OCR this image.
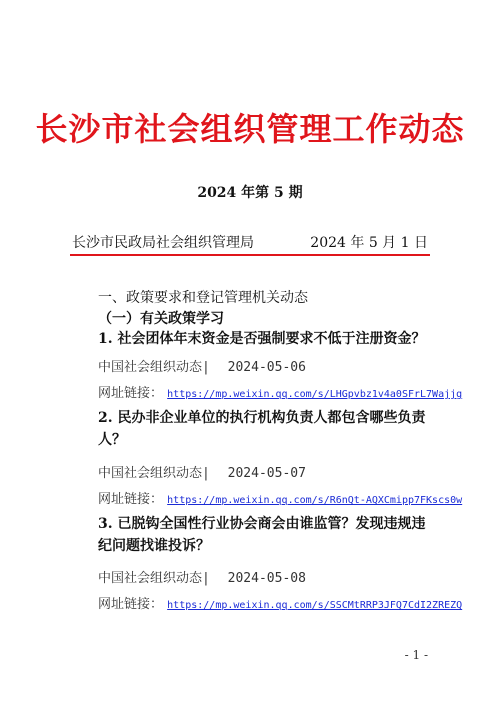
长沙市社会组织管理工作动态
2024 年第 5 期
长沙市民政局社会组织管理局	2024 年 5 月 1 日
一、政策要求和登记管理机关动态
（一）有关政策学习
1. 社会团体年末资金是否强制要求不低于注册资金？
中国社会组织动态| 2024-05-06
网址链接： https://mp.weixin.qq.com/s/LHGpvbz1v4a0SFrL7Wajjg
2. 民办非企业单位的执行机构负责人都包含哪些负责人？
中国社会组织动态| 2024-05-07
网址链接： https://mp.weixin.qq.com/s/R6nQt-AQXCmipp7FKscs0w
3. 已脱钩全国性行业协会商会由谁监管？发现违规违纪问题找谁投诉？
中国社会组织动态| 2024-05-08
网址链接： https://mp.weixin.qq.com/s/SSCMtRRP3JFQ7CdI2ZREZQ
- 1 -
